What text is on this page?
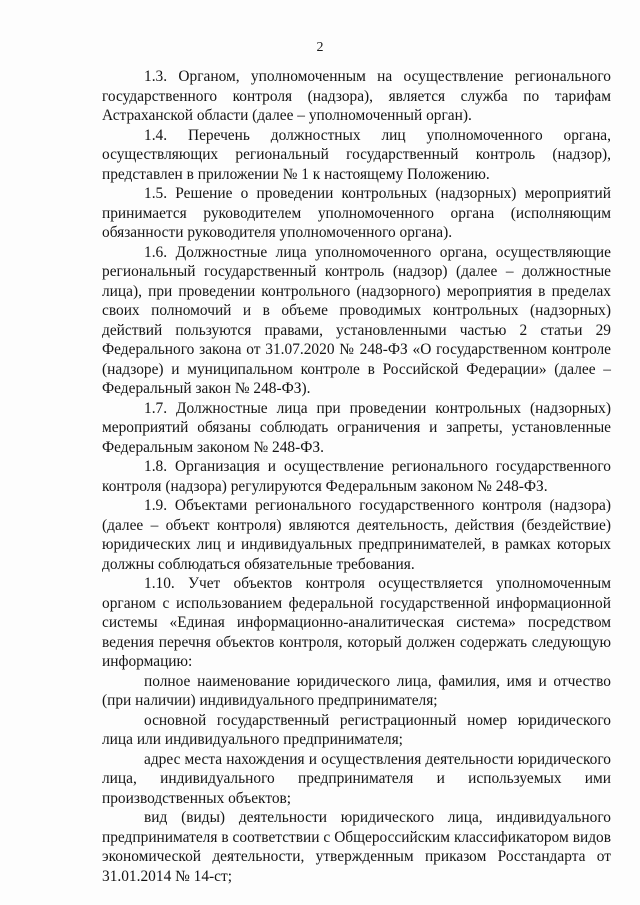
2

1.3. Органом, уполномоченным на осуществление регионального государственного контроля (надзора), является служба по тарифам Астраханской области (далее – уполномоченный орган).

1.4. Перечень должностных лиц уполномоченного органа, осуществляющих региональный государственный контроль (надзор), представлен в приложении № 1 к настоящему Положению.

1.5. Решение о проведении контрольных (надзорных) мероприятий принимается руководителем уполномоченного органа (исполняющим обязанности руководителя уполномоченного органа).

1.6. Должностные лица уполномоченного органа, осуществляющие региональный государственный контроль (надзор) (далее – должностные лица), при проведении контрольного (надзорного) мероприятия в пределах своих полномочий и в объеме проводимых контрольных (надзорных) действий пользуются правами, установленными частью 2 статьи 29 Федерального закона от 31.07.2020 № 248-ФЗ «О государственном контроле (надзоре) и муниципальном контроле в Российской Федерации» (далее – Федеральный закон № 248-ФЗ).

1.7. Должностные лица при проведении контрольных (надзорных) мероприятий обязаны соблюдать ограничения и запреты, установленные Федеральным законом № 248-ФЗ.

1.8. Организация и осуществление регионального государственного контроля (надзора) регулируются Федеральным законом № 248-ФЗ.

1.9. Объектами регионального государственного контроля (надзора) (далее – объект контроля) являются деятельность, действия (бездействие) юридических лиц и индивидуальных предпринимателей, в рамках которых должны соблюдаться обязательные требования.

1.10. Учет объектов контроля осуществляется уполномоченным органом с использованием федеральной государственной информационной системы «Единая информационно-аналитическая система» посредством ведения перечня объектов контроля, который должен содержать следующую информацию:

полное наименование юридического лица, фамилия, имя и отчество (при наличии) индивидуального предпринимателя;

основной государственный регистрационный номер юридического лица или индивидуального предпринимателя;

адрес места нахождения и осуществления деятельности юридического лица, индивидуального предпринимателя и используемых ими производственных объектов;

вид (виды) деятельности юридического лица, индивидуального предпринимателя в соответствии с Общероссийским классификатором видов экономической деятельности, утвержденным приказом Росстандарта от 31.01.2014 № 14-ст;
